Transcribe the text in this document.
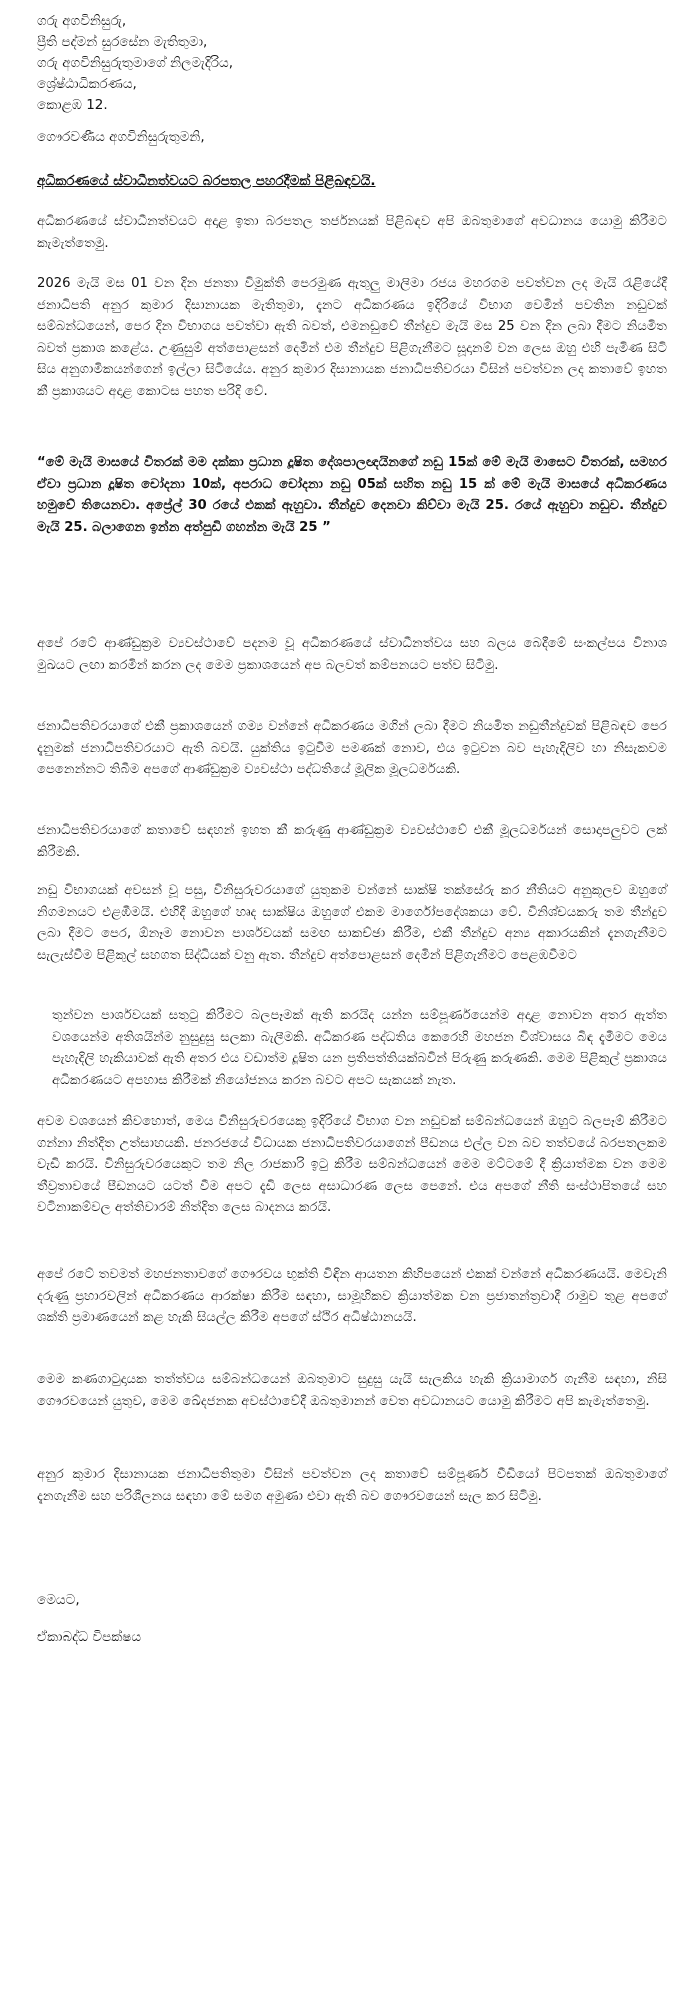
ගරු අගවිනිසුරු,
ප්‍රීති පද්මන් සුරසේන මැතිතුමා,
ගරු අගවිනිසුරුතුමාගේ නිලමැදිරිය,
ශ්‍රේෂ්ඨාධිකරණය,
කොළඹ 12.
ගෞරවණීය අගවිනිසුරුතුමනි,
අධිකරණයේ ස්වාධීනත්වයට බරපතල පහරදීමක් පිළිබඳවයි.
අධිකරණයේ ස්වාධීනත්වයට අදාළ ඉතා බරපතල තර්ජනයක් පිළිබඳව අපි ඔබතුමාගේ අවධානය යොමු කිරීමට කැමැත්තෙමු.
2026 මැයි මස 01 වන දින ජනතා විමුක්ති පෙරමුණ ඇතුලු මාලිමා රජය මහරගම පවත්වන ලද මැයි රැළියේදී ජනාධිපති අනුර කුමාර දිසානායක මැතිතුමා, දැනට අධිකරණය ඉදිරියේ විභාග වෙමින් පවතින නඩුවක් සම්බන්ධයෙන්, පෙර දින විභාගය පවත්වා ඇති බවත්, එමනඩුවේ තීන්දුව මැයි මස 25 වන දින ලබා දීමට නියමිත බවත් ප්‍රකාශ කළේය. උණුසුම් අත්පොළසන් දෙමින් එම තීන්දුව පිළිගැනීමට සූදානම් වන ලෙස ඔහු එහි පැමිණ සිටි සිය අනුගාමිකයන්ගෙන් ඉල්ලා සිටියේය. අනුර කුමාර දිසානායක ජනාධිපතිවරයා විසින් පවත්වන ලද කතාවේ ඉහත කී ප්‍රකාශයට අදාළ කොටස පහත පරිදි වේ.
“මේ මැයි මාසයේ විතරක් මම දක්කා ප්‍රධාන දූෂිත දේශපාලඥයිනගේ නඩු 15ක් මේ මැයි මාසෙට විතරක්, සමහර ඒවා ප්‍රධාන දූෂිත චෝදනා 10ක්, අපරාධ චෝදනා නඩු 05ක් සහිත නඩු 15 ක් මේ මැයි මාසයේ අධිකරණය හමුවේ තියෙනවා. අප්‍රේල් 30 රයේ එකක් ඇහුවා. තීන්දුව දෙනවා කිව්වා මැයි 25. රයේ ඇහුවා නඩුව. තීන්දුව මැයි 25. බලාගෙන ඉන්න අත්පුඩි ගහන්න මැයි 25 ”
අපේ රටේ ආණ්ඩුක්‍රම ව්‍යවස්ථාවේ පදනම වූ අධිකරණයේ ස්වාධීනත්වය සහ බලය බෙදීමේ සංකල්පය විනාශ මුඛයට ලඟා කරමින් කරන ලද මෙම ප්‍රකාශයෙන් අප බලවත් කම්පනයට පත්ව සිටිමු.
ජනාධිපතිවරයාගේ එකී ප්‍රකාශයෙන් ගම්‍ය වන්නේ අධිකරණය මගින් ලබා දීමට නියමිත නඩුතීන්දුවක් පිළිබඳව පෙර දැනුමක් ජනාධිපතිවරයාට ඇති බවයි. යුක්තිය ඉටුවීම පමණක් නොව, එය ඉටුවන බව පැහැදිලිව හා නිසැකවම පෙනෙන්නට තිබීම අපගේ ආණ්ඩුක්‍රම ව්‍යවස්ථා පද්ධතියේ මූලික මූලධර්මයකි.
ජනාධිපතිවරයාගේ කතාවේ සඳහන් ඉහත කී කරුණු ආණ්ඩුක්‍රම ව්‍යවස්ථාවේ එකී මූලධර්මයන් සොදාපලුවට ලක් කිරීමකි.
නඩු විභාගයක් අවසන් වූ පසු, විනිසුරුවරයාගේ යුතුකම වන්නේ සාක්ෂි තක්සේරු කර නීතියට අනුකූලව ඔහුගේ නිගමනයට එළඹීමයි. එහිදී ඔහුගේ හෘද සාක්ෂිය ඔහුගේ එකම මාර්ගෝපදේශකයා වේ. විනිශ්චයකරු තම තීන්දුව ලබා දීමට පෙර, ඕනෑම නොවන පාර්ශවයක් සමඟ සාකච්ඡා කිරීම, එකී තීන්දුව අන්‍ය අකාරයකින් දැනගැනීමට සැලැස්වීම පිළිකුල් සහගත සිද්ධියක් වනු ඇත. තීන්දුව අත්පොළසන් දෙමින් පිළිගැනීමට පෙළඹවීමට
තුන්වන පාර්ශවයක් සතුටු කිරීමට බලපෑමක් ඇති කරයිද යන්න සම්පූර්ණයෙන්ම අදාළ නොවන අතර ඇත්ත වශයෙන්ම අතිශයින්ම නුසුදුසු සලකා බැලීමකි. අධිකරණ පද්ධතිය කෙරෙහි මහජන විශ්වාසය බිඳ දැමීමට මෙය පැහැදිලි හැකියාවක් ඇති අතර එය වඩාත්ම දූෂිත යන ප්‍රතිපත්තියක්බවින් පිරුණු කරුණකි. මෙම පිළිකුල් ප්‍රකාශය අධිකරණයට අපහාස කිරීමක් නියෝජනය කරන බවට අපට සැකයක් නැත.
අවම වශයෙන් කිවහොත්, මෙය විනිසුරුවරයෙකු ඉදිරියේ විභාග වන නඩුවක් සම්බන්ධයෙන් ඔහුට බලපෑම් කිරීමට ගන්නා නිත්දිත උත්සාහයකි. ජනරජයේ විධායක ජනාධිපතිවරයාගෙන් පීඩනය එල්ල වන බව තත්වයේ බරපතලකම වැඩි කරයි. විනිසුරුවරයෙකුට තම නිල රාජකාරි ඉටු කිරීම සම්බන්ධයෙන් මෙම මට්ටමේ දී ක්‍රියාත්මක වන මෙම තීව්‍රතාවයේ පීඩනයට යටත් වීම අපට දැඩි ලෙස අසාධාරණ ලෙස පෙනේ. එය අපගේ නීති සංස්ථාපිතයේ සහ වටිනාකම්වල අත්තිවාරම් නිත්දිත ලෙස බාදනය කරයි.
අපේ රටේ තවමත් මහජනතාවගේ ගෞරවය භුක්ති විඳින ආයතන කිහිපයෙන් එකක් වන්නේ අධිකරණයයි. මෙවැනි දරුණු ප්‍රහාරවලින් අධිකරණය ආරක්ෂා කිරීම සඳහා, සාමූහිකව ක්‍රියාත්මක වන ප්‍රජාතන්ත්‍රවාදී රාමුව තුළ අපගේ ශක්ති ප්‍රමාණයෙන් කළ හැකි සියල්ල කිරීම අපගේ ස්ථිර අධිෂ්ඨානයයි.
මෙම කණගාටුදායක තත්ත්වය සම්බන්ධයෙන් ඔබතුමාට සුදුසු යැයි සැලකිය හැකි ක්‍රියාමාර්ග ගැනීම සඳහා, නිසි ගෞරවයෙන් යුතුව, මෙම ඛේදජනක අවස්ථාවේදී ඔබතුමානන් වෙත අවධානයට යොමු කිරීමට අපි කැමැත්තෙමු.
අනුර කුමාර දිසානායක ජනාධිපතිතුමා විසින් පවත්වන ලද කතාවේ සම්පූර්ණ වීඩියෝ පිටපතක් ඔබතුමාගේ දැනගැනීම සහ පරිශීලනය සඳහා මේ සමග අමුණා එවා ඇති බව ගෞරවයෙන් සැල කර සිටිමු.
මෙයට,
ඒකාබද්ධ විපක්ෂය
